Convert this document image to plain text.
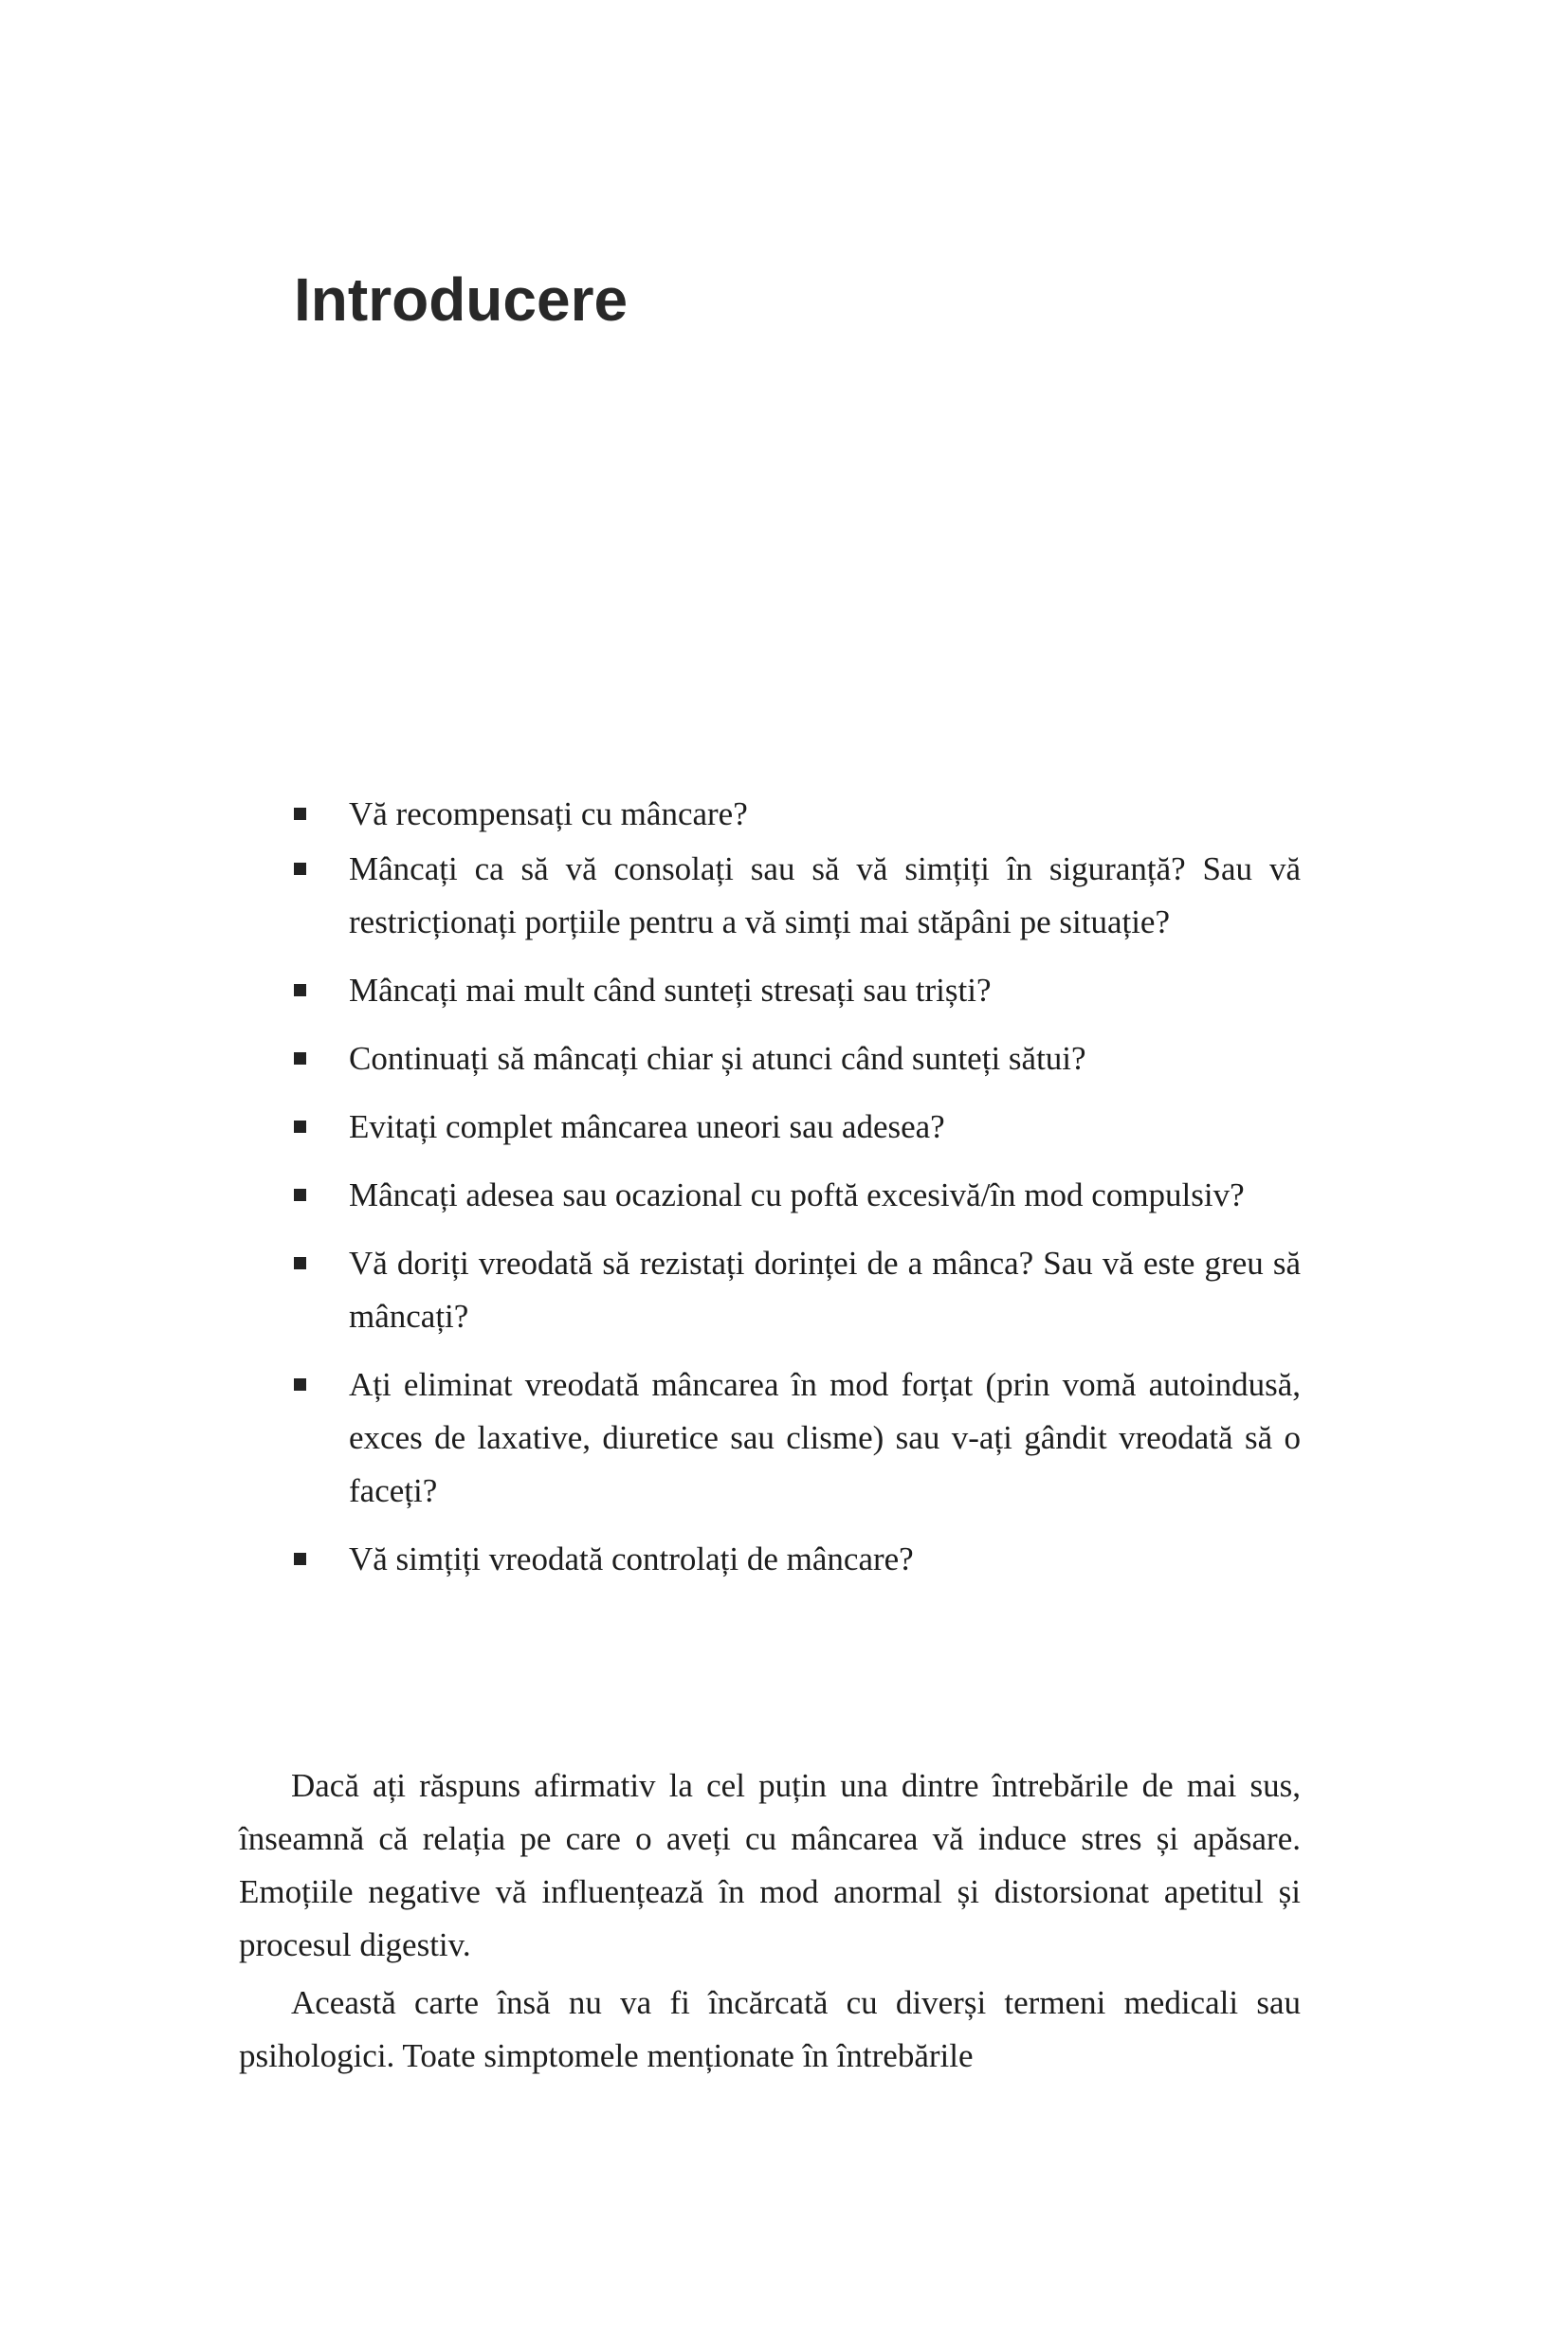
Introducere
Vă recompensați cu mâncare?
Mâncați ca să vă consolați sau să vă simțiți în siguranță? Sau vă restricționați porțiile pentru a vă simți mai stăpâni pe situație?
Mâncați mai mult când sunteți stresați sau triști?
Continuați să mâncați chiar și atunci când sunteți sătui?
Evitați complet mâncarea uneori sau adesea?
Mâncați adesea sau ocazional cu poftă excesivă/în mod compulsiv?
Vă doriți vreodată să rezistați dorinței de a mânca? Sau vă este greu să mâncați?
Ați eliminat vreodată mâncarea în mod forțat (prin vomă autoindusă, exces de laxative, diuretice sau clisme) sau v-ați gândit vreodată să o faceți?
Vă simțiți vreodată controlați de mâncare?

Dacă ați răspuns afirmativ la cel puțin una dintre întrebările de mai sus, înseamnă că relația pe care o aveți cu mâncarea vă induce stres și apăsare. Emoțiile negative vă influențează în mod anormal și distorsionat apetitul și procesul digestiv.

Această carte însă nu va fi încărcată cu diverși termeni medicali sau psihologici. Toate simptomele menționate în întrebările
